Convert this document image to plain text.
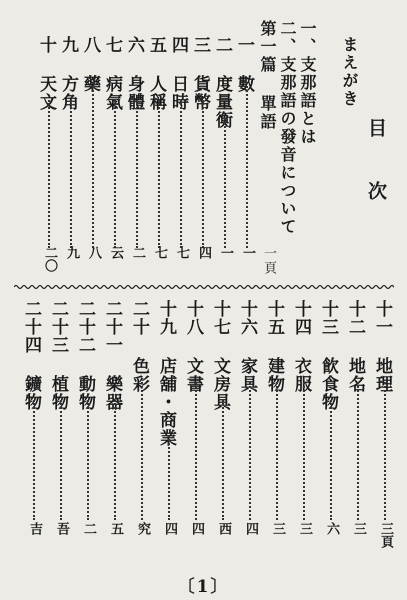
目次
まえがき
一、支那語とは
二、支那語の發音について
第一篇 單語
一頁
一 數
一
二 度量衡
一
三 貨幣
四
四 日時
七
五 人稱
七
六 身體
二
七 病氣
云
八 藥
八
九 方角
九
十 天文
二〇
十一 地理
三頁
十二 地名
三
十三 飮食物
六
十四 衣服
三
十五 建物
三
十六 家具
四
十七 文房具
西
十八 文書
四
十九 店舖・商業
四
二十 色彩
究
二十一 樂器
五
二十二 動物
二
二十三 植物
吾
二十四 鑛物
吉
〔1〕
